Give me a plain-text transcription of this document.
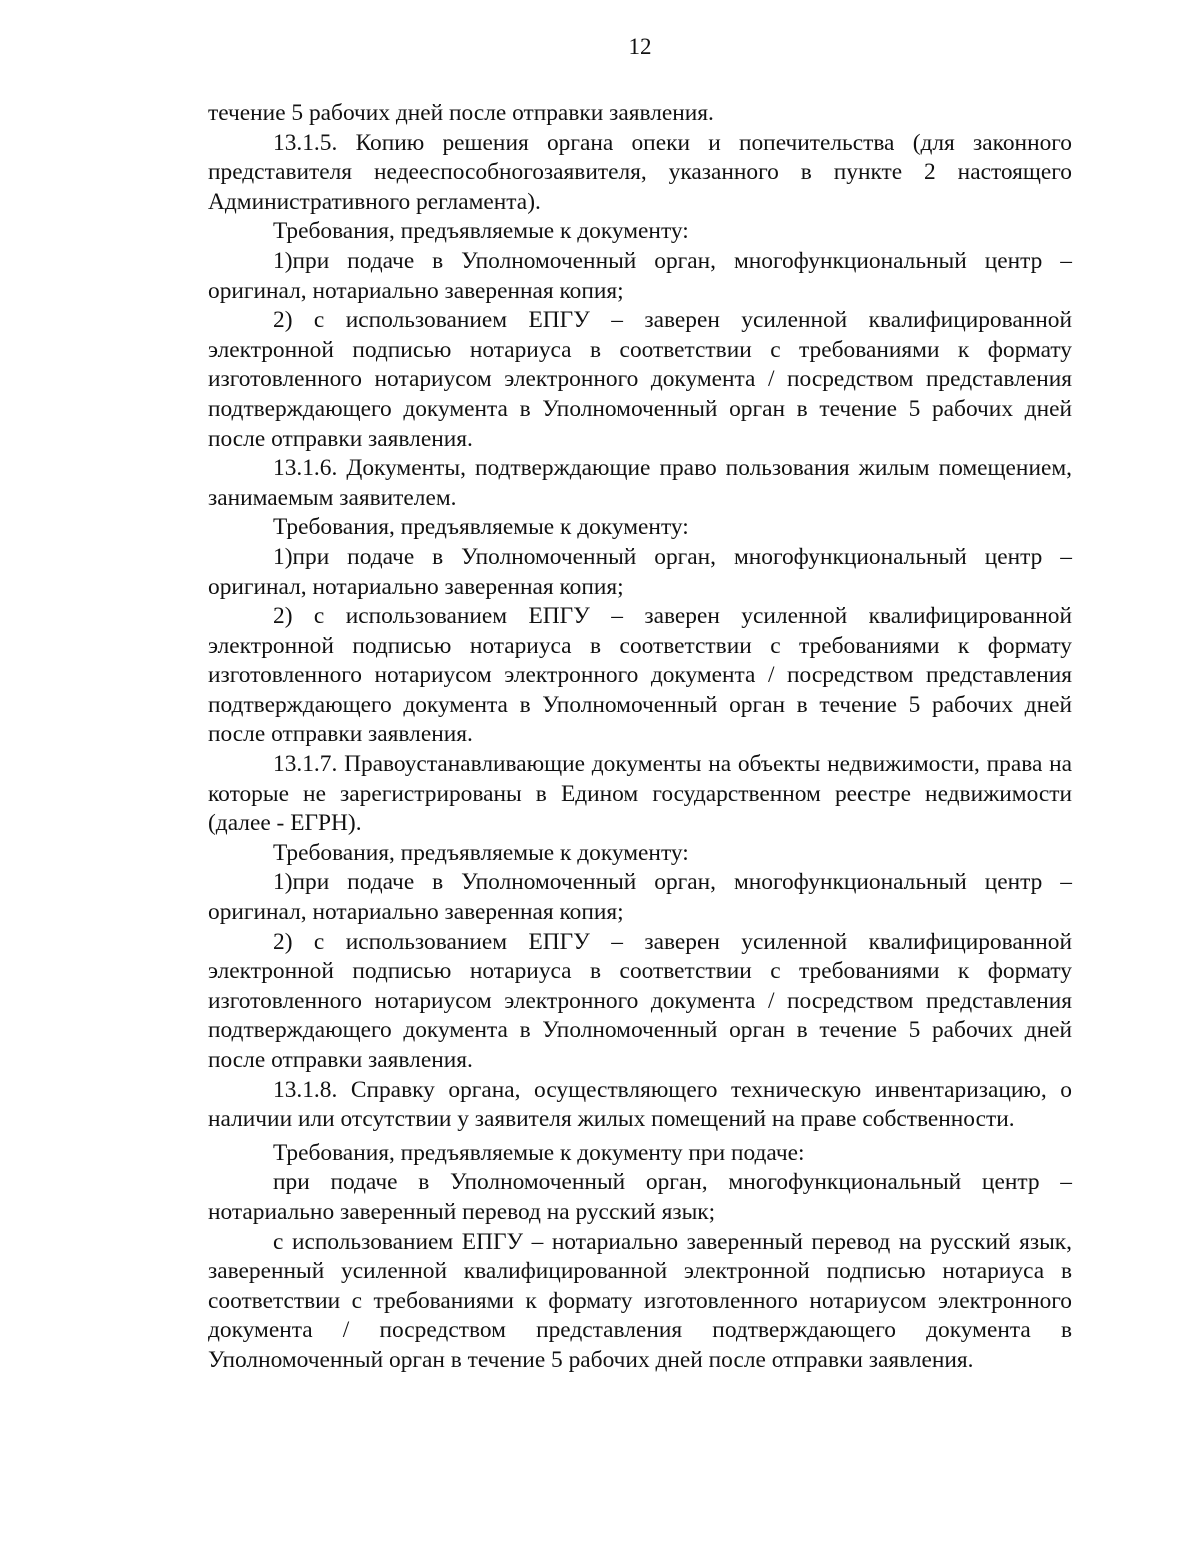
12

течение 5 рабочих дней после отправки заявления.

13.1.5. Копию решения органа опеки и попечительства (для законного представителя недееспособногозаявителя, указанного в пункте 2 настоящего Административного регламента).

Требования, предъявляемые к документу:

1)при подаче в Уполномоченный орган, многофункциональный центр – оригинал, нотариально заверенная копия;

2) с использованием ЕПГУ – заверен усиленной квалифицированной электронной подписью нотариуса в соответствии с требованиями к формату изготовленного нотариусом электронного документа / посредством представления подтверждающего документа в Уполномоченный орган в течение 5 рабочих дней после отправки заявления.

13.1.6. Документы, подтверждающие право пользования жилым помещением, занимаемым заявителем.

Требования, предъявляемые к документу:

1)при подаче в Уполномоченный орган, многофункциональный центр – оригинал, нотариально заверенная копия;

2) с использованием ЕПГУ – заверен усиленной квалифицированной электронной подписью нотариуса в соответствии с требованиями к формату изготовленного нотариусом электронного документа / посредством представления подтверждающего документа в Уполномоченный орган в течение 5 рабочих дней после отправки заявления.

13.1.7. Правоустанавливающие документы на объекты недвижимости, права на которые не зарегистрированы в Едином государственном реестре недвижимости (далее - ЕГРН).

Требования, предъявляемые к документу:

1)при подаче в Уполномоченный орган, многофункциональный центр – оригинал, нотариально заверенная копия;

2) с использованием ЕПГУ – заверен усиленной квалифицированной электронной подписью нотариуса в соответствии с требованиями к формату изготовленного нотариусом электронного документа / посредством представления подтверждающего документа в Уполномоченный орган в течение 5 рабочих дней после отправки заявления.

13.1.8. Справку органа, осуществляющего техническую инвентаризацию, о наличии или отсутствии у заявителя жилых помещений на праве собственности.

Требования, предъявляемые к документу при подаче:

при подаче в Уполномоченный орган, многофункциональный центр – нотариально заверенный перевод на русский язык;

с использованием ЕПГУ – нотариально заверенный перевод на русский язык, заверенный усиленной квалифицированной электронной подписью нотариуса в соответствии с требованиями к формату изготовленного нотариусом электронного документа / посредством представления подтверждающего документа в Уполномоченный орган в течение 5 рабочих дней после отправки заявления.
